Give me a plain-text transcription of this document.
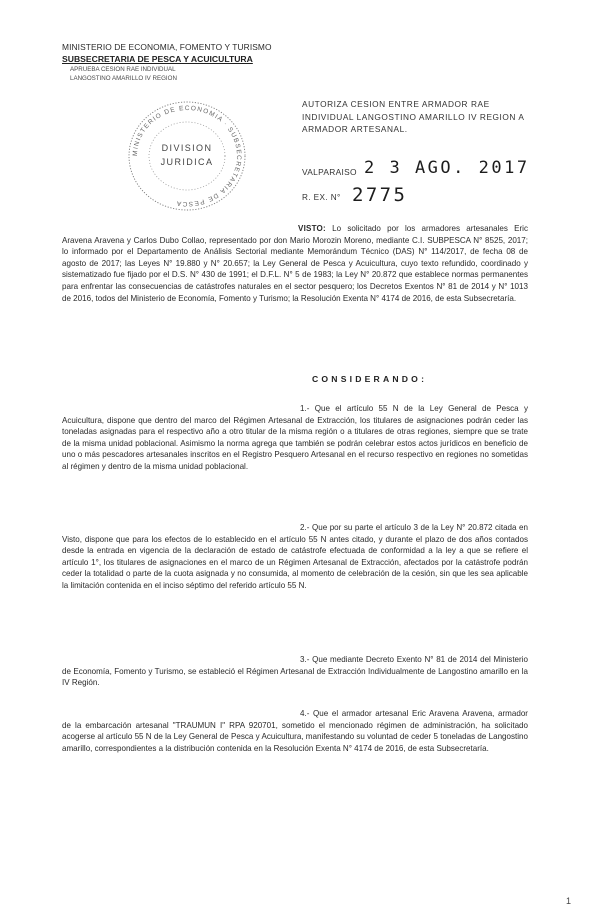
MINISTERIO DE ECONOMIA, FOMENTO Y TURISMO
SUBSECRETARIA DE PESCA Y ACUICULTURA
APRUEBA CESION RAE INDIVIDUAL
LANGOSTINO AMARILLO IV REGION
MINISTERIO DE ECONOMIA · SUBSECRETARIA DE PESCA
DIVISION
JURIDICA
AUTORIZA CESION ENTRE ARMADOR RAE INDIVIDUAL LANGOSTINO AMARILLO IV REGION A ARMADOR ARTESANAL.
VALPARAISO 2 3 AGO. 2017
R. EX. N° 2775
VISTO: Lo solicitado por los armadores artesanales Eric Aravena Aravena y Carlos Dubo Collao, representado por don Mario Morozin Moreno, mediante C.I. SUBPESCA N° 8525, 2017; lo informado por el Departamento de Análisis Sectorial mediante Memorándum Técnico (DAS) N° 114/2017, de fecha 08 de agosto de 2017; las Leyes N° 19.880 y N° 20.657; la Ley General de Pesca y Acuicultura, cuyo texto refundido, coordinado y sistematizado fue fijado por el D.S. N° 430 de 1991; el D.F.L. N° 5 de 1983; la Ley N° 20.872 que establece normas permanentes para enfrentar las consecuencias de catástrofes naturales en el sector pesquero; los Decretos Exentos N° 81 de 2014 y N° 1013 de 2016, todos del Ministerio de Economía, Fomento y Turismo; la Resolución Exenta N° 4174 de 2016, de esta Subsecretaría.
CONSIDERANDO:
1.- Que el artículo 55 N de la Ley General de Pesca y Acuicultura, dispone que dentro del marco del Régimen Artesanal de Extracción, los titulares de asignaciones podrán ceder las toneladas asignadas para el respectivo año a otro titular de la misma región o a titulares de otras regiones, siempre que se trate de la misma unidad poblacional. Asimismo la norma agrega que también se podrán celebrar estos actos jurídicos en beneficio de uno o más pescadores artesanales inscritos en el Registro Pesquero Artesanal en el recurso respectivo en regiones no sometidas al régimen y dentro de la misma unidad poblacional.
2.- Que por su parte el artículo 3 de la Ley N° 20.872 citada en Visto, dispone que para los efectos de lo establecido en el artículo 55 N antes citado, y durante el plazo de dos años contados desde la entrada en vigencia de la declaración de estado de catástrofe efectuada de conformidad a la ley a que se refiere el artículo 1°, los titulares de asignaciones en el marco de un Régimen Artesanal de Extracción, afectados por la catástrofe podrán ceder la totalidad o parte de la cuota asignada y no consumida, al momento de celebración de la cesión, sin que les sea aplicable la limitación contenida en el inciso séptimo del referido artículo 55 N.
3.- Que mediante Decreto Exento N° 81 de 2014 del Ministerio de Economía, Fomento y Turismo, se estableció el Régimen Artesanal de Extracción Individualmente de Langostino amarillo en la IV Región.
4.- Que el armador artesanal Eric Aravena Aravena, armador de la embarcación artesanal "TRAUMUN I" RPA 920701, sometido el mencionado régimen de administración, ha solicitado acogerse al artículo 55 N de la Ley General de Pesca y Acuicultura, manifestando su voluntad de ceder 5 toneladas de Langostino amarillo, correspondientes a la distribución contenida en la Resolución Exenta N° 4174 de 2016, de esta Subsecretaría.
1
